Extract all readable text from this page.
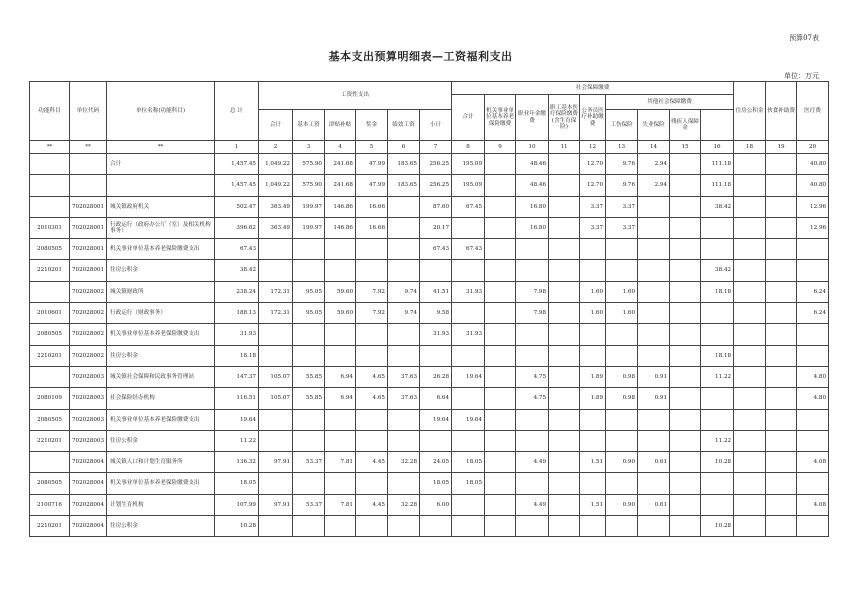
预算07表
基本支出预算明细表—工资福利支出
单位：万元
功能科目	单位代码	单位名称(功能科目)	总 计	工资性支出						社会保障缴费									住房公积金	伙食补助费	医疗费	
										合计	机关事业单位基本养老保险缴费	职业年金缴费	职工基本医疗保险缴费(含生育保险)	公务员医疗补助缴费	其他社会保障缴费							
				合计	基本工资	津贴补贴	奖金	绩效工资	小计						工伤保险	失业保险	残疾人保障金					
**	**	**	1	2	3	4	5	6	7	8	9	10	11	12	13	14	15	16	18	19	20	
		合计	1,457.45	1,049.22	575.90	241.68	47.99	183.65	256.25	195.09		48.46		12.70	9.76	2.94		111.18			40.80	
			1,457.45	1,049.22	575.90	241.68	47.99	183.65	256.25	195.09		48.46		12.70	9.76	2.94		111.18			40.80	
	702028001	城关镇政府机关	502.47	363.49	199.97	146.86	16.66		87.60	67.45		16.80		3.37	3.37			38.42			12.96	
2010301	702028001	行政运行（政府办公厅（室）及相关机构事务）	396.62	363.49	199.97	146.86	16.66		20.17			16.80		3.37	3.37						12.96	
2080505	702028001	机关事业单位基本养老保险缴费支出	67.43						67.43	67.43												
2210201	702028001	住房公积金	38.42															38.42				
	702028002	城关镇财政所	238.24	172.31	95.05	59.60	7.92	9.74	41.51	31.93		7.98		1.60	1.60			18.18			6.24	
2010601	702028002	行政运行（财政事务）	188.13	172.31	95.05	59.60	7.92	9.74	9.58			7.98		1.60	1.60						6.24	
2080505	702028002	机关事业单位基本养老保险缴费支出	31.93						31.93	31.93												
2210201	702028002	住房公积金	18.18															18.18				
	702028003	城关镇社会保障和民政事务管理站	147.37	105.07	55.85	6.94	4.65	37.63	26.28	19.64		4.75		1.89	0.98	0.91		11.22			4.80	
2080109	702028003	社会保险经办机构	116.51	105.07	55.85	6.94	4.65	37.63	6.64			4.75		1.89	0.98	0.91					4.80	
2080505	702028003	机关事业单位基本养老保险缴费支出	19.64						19.64	19.64												
2210201	702028003	住房公积金	11.22															11.22				
	702028004	城关镇人口和计划生育服务所	136.32	97.91	53.37	7.81	4.45	32.28	24.05	18.05		4.49		1.51	0.90	0.61		10.28			4.08	
2080505	702028004	机关事业单位基本养老保险缴费支出	18.05						18.05	18.05												
2100716	702028004	计划生育机构	107.99	97.91	53.37	7.81	4.45	32.28	6.00			4.49		1.51	0.90	0.61					4.08	
2210201	702028004	住房公积金	10.28															10.28				
